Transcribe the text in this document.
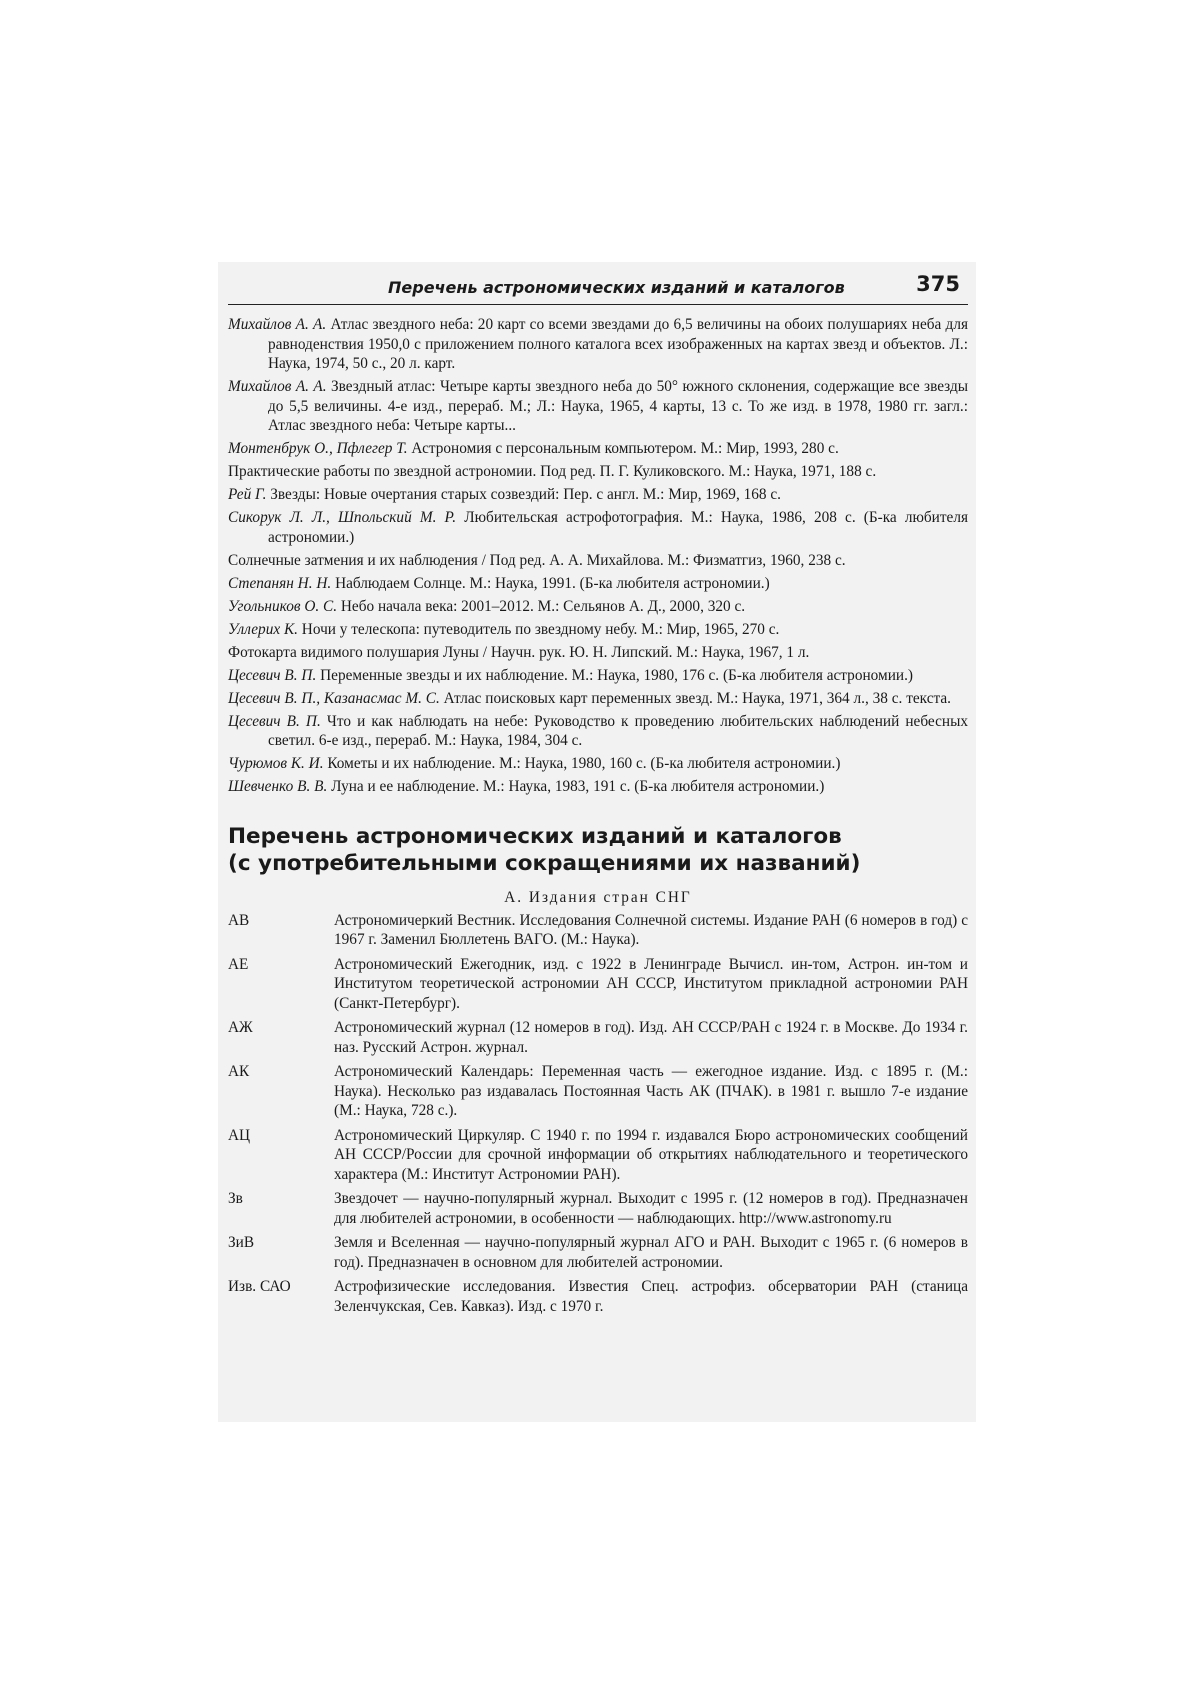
Перечень астрономических изданий и каталогов	375
Михайлов А. А. Атлас звездного неба: 20 карт со всеми звездами до 6,5 величины на обоих полушариях неба для равноденствия 1950,0 с приложением полного каталога всех изображенных на картах звезд и объектов. Л.: Наука, 1974, 50 с., 20 л. карт.
Михайлов А. А. Звездный атлас: Четыре карты звездного неба до 50° южного склонения, содержащие все звезды до 5,5 величины. 4-е изд., перераб. М.; Л.: Наука, 1965, 4 карты, 13 с. То же изд. в 1978, 1980 гг. загл.: Атлас звездного неба: Четыре карты...
Монтенбрук О., Пфлегер Т. Астрономия с персональным компьютером. М.: Мир, 1993, 280 с.
Практические работы по звездной астрономии. Под ред. П. Г. Куликовского. М.: Наука, 1971, 188 с.
Рей Г. Звезды: Новые очертания старых созвездий: Пер. с англ. М.: Мир, 1969, 168 с.
Сикорук Л. Л., Шпольский М. Р. Любительская астрофотография. М.: Наука, 1986, 208 с. (Б-ка любителя астрономии.)
Солнечные затмения и их наблюдения / Под ред. А. А. Михайлова. М.: Физматгиз, 1960, 238 с.
Степанян Н. Н. Наблюдаем Солнце. М.: Наука, 1991. (Б-ка любителя астрономии.)
Угольников О. С. Небо начала века: 2001–2012. М.: Сельянов А. Д., 2000, 320 с.
Уллерих К. Ночи у телескопа: путеводитель по звездному небу. М.: Мир, 1965, 270 с.
Фотокарта видимого полушария Луны / Научн. рук. Ю. Н. Липский. М.: Наука, 1967, 1 л.
Цесевич В. П. Переменные звезды и их наблюдение. М.: Наука, 1980, 176 с. (Б-ка любителя астрономии.)
Цесевич В. П., Казанасмас М. С. Атлас поисковых карт переменных звезд. М.: Наука, 1971, 364 л., 38 с. текста.
Цесевич В. П. Что и как наблюдать на небе: Руководство к проведению любительских наблюдений небесных светил. 6-е изд., перераб. М.: Наука, 1984, 304 с.
Чурюмов К. И. Кометы и их наблюдение. М.: Наука, 1980, 160 с. (Б-ка любителя астрономии.)
Шевченко В. В. Луна и ее наблюдение. М.: Наука, 1983, 191 с. (Б-ка любителя астрономии.)
Перечень астрономических изданий и каталогов
(с употребительными сокращениями их названий)
А. Издания стран СНГ
АВ	Астрономичеркий Вестник. Исследования Солнечной системы. Издание РАН (6 номеров в год) с 1967 г. Заменил Бюллетень ВАГО. (М.: Наука).
АЕ	Астрономический Ежегодник, изд. с 1922 в Ленинграде Вычисл. ин-том, Астрон. ин-том и Институтом теоретической астрономии АН СССР, Институтом прикладной астрономии РАН (Санкт-Петербург).
АЖ	Астрономический журнал (12 номеров в год). Изд. АН СССР/РАН с 1924 г. в Москве. До 1934 г. наз. Русский Астрон. журнал.
АК	Астрономический Календарь: Переменная часть — ежегодное издание. Изд. с 1895 г. (М.: Наука). Несколько раз издавалась Постоянная Часть АК (ПЧАК). в 1981 г. вышло 7-е издание (М.: Наука, 728 с.).
АЦ	Астрономический Циркуляр. С 1940 г. по 1994 г. издавался Бюро астрономических сообщений АН СССР/России для срочной информации об открытиях наблюдательного и теоретического характера (М.: Институт Астрономии РАН).
Зв	Звездочет — научно-популярный журнал. Выходит с 1995 г. (12 номеров в год). Предназначен для любителей астрономии, в особенности — наблюдающих. http://www.astronomy.ru
ЗиВ	Земля и Вселенная — научно-популярный журнал АГО и РАН. Выходит с 1965 г. (6 номеров в год). Предназначен в основном для любителей астрономии.
Изв. САО	Астрофизические исследования. Известия Спец. астрофиз. обсерватории РАН (станица Зеленчукская, Сев. Кавказ). Изд. с 1970 г.
